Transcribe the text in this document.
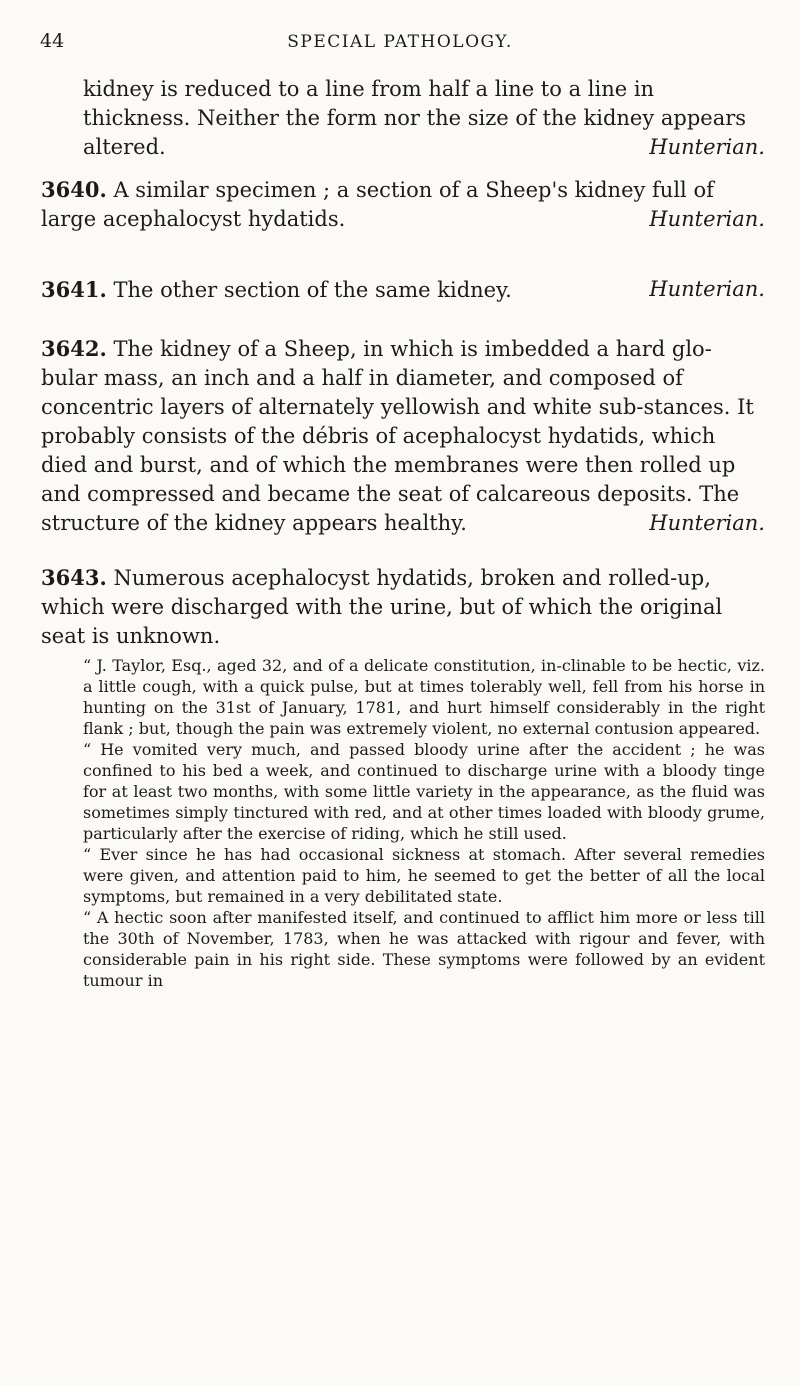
44	SPECIAL PATHOLOGY.

kidney is reduced to a line from half a line to a line in thickness. Neither the form nor the size of the kidney appears altered.	Hunterian.

3640. A similar specimen ; a section of a Sheep's kidney full of large acephalocyst hydatids.	Hunterian.

3641. The other section of the same kidney.	Hunterian.

3642. The kidney of a Sheep, in which is imbedded a hard glo-bular mass, an inch and a half in diameter, and composed of concentric layers of alternately yellowish and white sub-stances. It probably consists of the débris of acephalocyst hydatids, which died and burst, and of which the membranes were then rolled up and compressed and became the seat of calcareous deposits. The structure of the kidney appears healthy.	Hunterian.

3643. Numerous acephalocyst hydatids, broken and rolled-up, which were discharged with the urine, but of which the original seat is unknown.

“ J. Taylor, Esq., aged 32, and of a delicate constitution, in-clinable to be hectic, viz. a little cough, with a quick pulse, but at times tolerably well, fell from his horse in hunting on the 31st of January, 1781, and hurt himself considerably in the right flank ; but, though the pain was extremely violent, no external contusion appeared.

“ He vomited very much, and passed bloody urine after the accident ; he was confined to his bed a week, and continued to discharge urine with a bloody tinge for at least two months, with some little variety in the appearance, as the fluid was sometimes simply tinctured with red, and at other times loaded with bloody grume, particularly after the exercise of riding, which he still used.

“ Ever since he has had occasional sickness at stomach. After several remedies were given, and attention paid to him, he seemed to get the better of all the local symptoms, but remained in a very debilitated state.

“ A hectic soon after manifested itself, and continued to afflict him more or less till the 30th of November, 1783, when he was attacked with rigour and fever, with considerable pain in his right side. These symptoms were followed by an evident tumour in
